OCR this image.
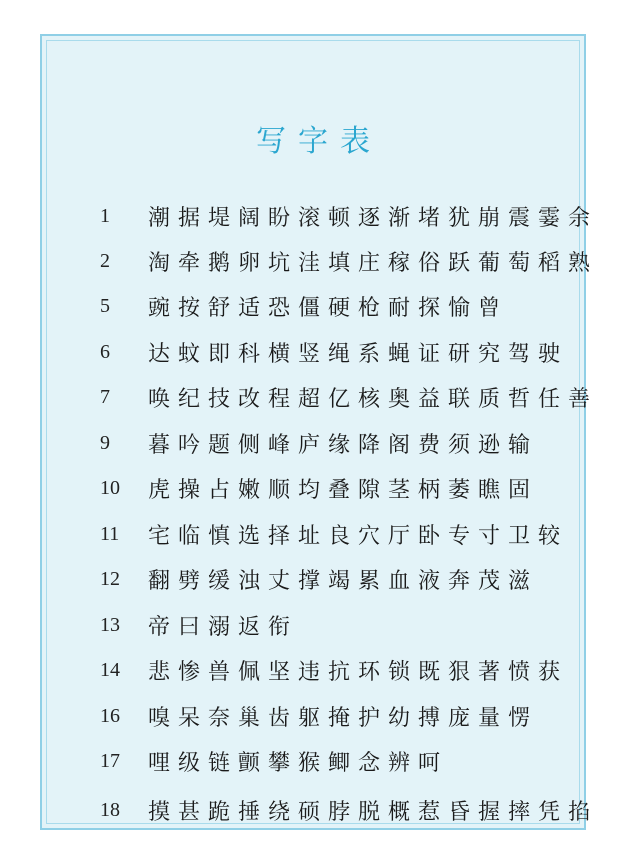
写字表
1	潮据堤阔盼滚顿逐渐堵犹崩震霎余
2	淘牵鹅卵坑洼填庄稼俗跃葡萄稻熟
5	豌按舒适恐僵硬枪耐探愉曾
6	达蚊即科横竖绳系蝇证研究驾驶
7	唤纪技改程超亿核奥益联质哲任善
9	暮吟题侧峰庐缘降阁费须逊输
10	虎操占嫩顺均叠隙茎柄萎瞧固
11	宅临慎选择址良穴厅卧专寸卫较
12	翻劈缓浊丈撑竭累血液奔茂滋
13	帝曰溺返衔
14	悲惨兽佩坚违抗环锁既狠著愤获
16	嗅呆奈巢齿躯掩护幼搏庞量愣
17	哩级链颤攀猴鲫念辨呵
18	摸甚跪捶绕硕脖脱概惹昏握摔凭掐
